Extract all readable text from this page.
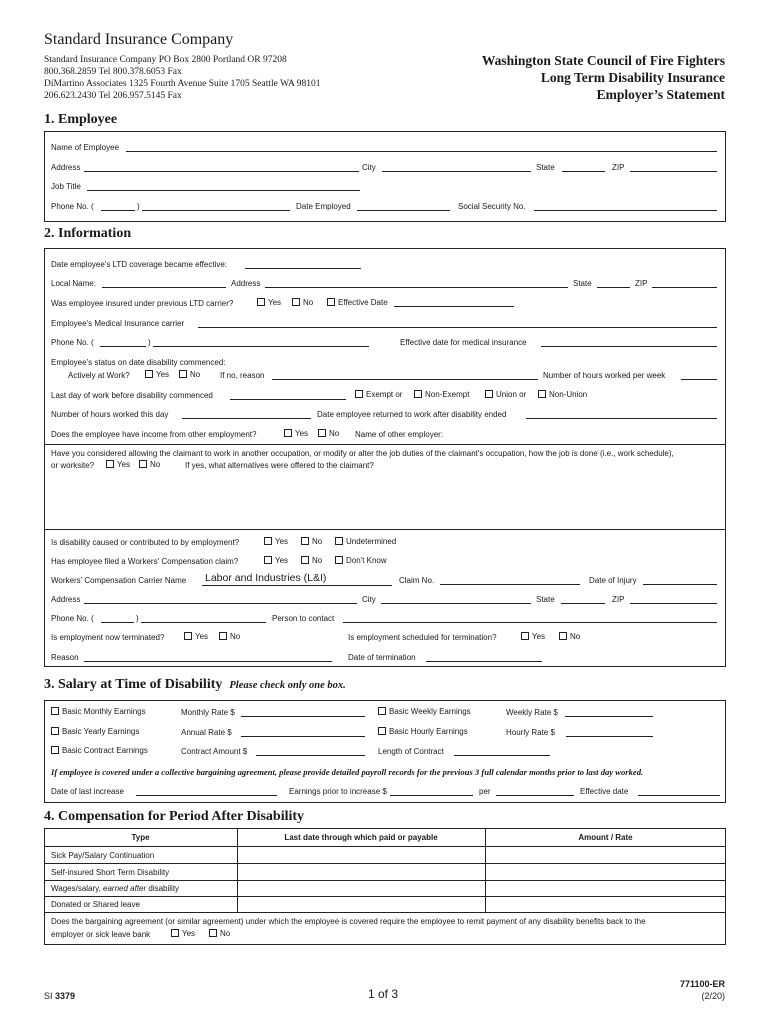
Standard Insurance Company
Standard Insurance Company PO Box 2800 Portland OR 97208
800.368.2859 Tel 800.378.6053 Fax
DiMartino Associates 1325 Fourth Avenue Suite 1705 Seattle WA 98101
206.623.2430 Tel 206.957.5145 Fax
Washington State Council of Fire Fighters
Long Term Disability Insurance
Employer’s Statement
1. Employee
Name of Employee
Address	City	State	ZIP
Job Title
Phone No. (	)	Date Employed	Social Security No.
2. Information
Date employee's LTD coverage became effective:
Local Name:	Address	State	ZIP
Was employee insured under previous LTD carrier?	Yes	No	Effective Date
Employee's Medical Insurance carrier
Phone No. (	)	Effective date for medical insurance
Employee's status on date disability commenced:
Actively at Work?	Yes	No If no, reason	Number of hours worked per week
Last day of work before disability commenced	Exempt or	Non-Exempt	Union or	Non-Union
Number of hours worked this day	Date employee returned to work after disability ended
Does the employee have income from other employment?	Yes	No Name of other employer:
Have you considered allowing the claimant to work in another occupation, or modify or alter the job duties of the claimant's occupation, how the job is done (i.e., work schedule),
or worksite?	Yes	No	If yes, what alternatives were offered to the claimant?
Is disability caused or contributed to by employment?	Yes	No	Undetermined
Has employee filed a Workers' Compensation claim?	Yes	No	Don't Know
Workers' Compensation Carrier Name Labor and Industries (L&I)	Claim No.	Date of Injury
Address	City	State	ZIP
Phone No. (	)	Person to contact
Is employment now terminated?	Yes	No	Is employment scheduled for termination?	Yes	No
Reason	Date of termination
3. Salary at Time of Disability Please check only one box.
Basic Monthly Earnings	Monthly Rate $	Basic Weekly Earnings	Weekly Rate $
Basic Yearly Earnings	Annual Rate $	Basic Hourly Earnings	Hourly Rate $
Basic Contract Earnings	Contract Amount $	Length of Contract
If employee is covered under a collective bargaining agreement, please provide detailed payroll records for the previous 3 full calendar months prior to last day worked.
Date of last increase	Earnings prior to increase $	per	Effective date
4. Compensation for Period After Disability
Type	Last date through which paid or payable	Amount / Rate
Sick Pay/Salary Continuation
Self-insured Short Term Disability
Wages/salary, earned after disability
Donated or Shared leave
Does the bargaining agreement (or similar agreement) under which the employee is covered require the employee to remit payment of any disability benefits back to the
employer or sick leave bank	Yes	No
SI 3379	1 of 3
771100-ER
(2/20)
